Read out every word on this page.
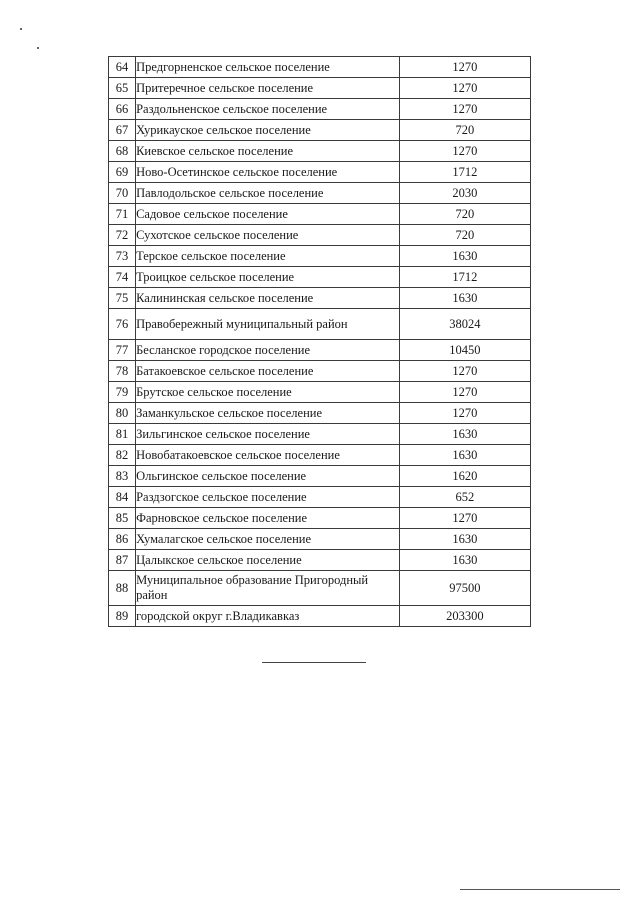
64	Предгорненское сельское поселение	1270
65	Притеречное сельское поселение	1270
66	Раздольненское сельское поселение	1270
67	Хурикауское сельское поселение	720
68	Киевское сельское поселение	1270
69	Ново-Осетинское сельское поселение	1712
70	Павлодольское сельское поселение	2030
71	Садовое сельское поселение	720
72	Сухотское сельское поселение	720
73	Терское сельское поселение	1630
74	Троицкое сельское поселение	1712
75	Калининская сельское поселение	1630
76	Правобережный муниципальный район	38024
77	Бесланское городское поселение	10450
78	Батакоевское сельское поселение	1270
79	Брутское сельское поселение	1270
80	Заманкульское сельское поселение	1270
81	Зильгинское сельское поселение	1630
82	Новобатакоевское сельское поселение	1630
83	Ольгинское сельское поселение	1620
84	Раздзогское сельское поселение	652
85	Фарновское сельское поселение	1270
86	Хумалагское сельское поселение	1630
87	Цалыкское сельское поселение	1630
88	Муниципальное образование Пригородный район	97500
89	городской округ г.Владикавказ	203300
